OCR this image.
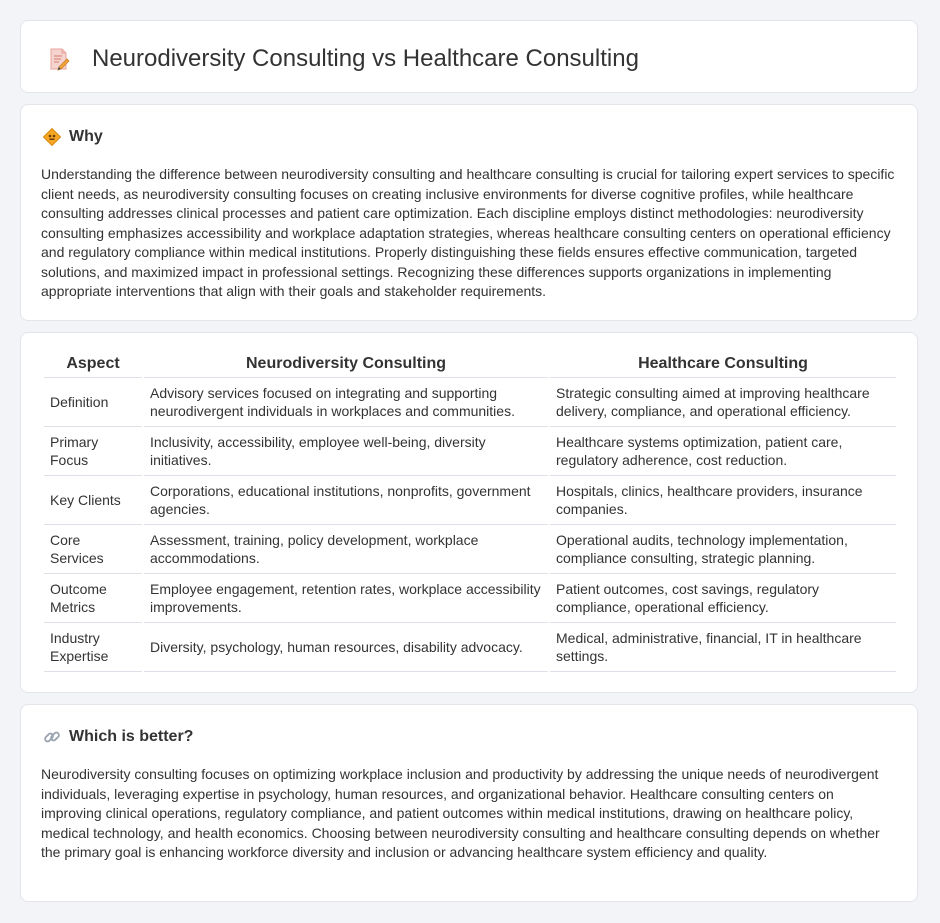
Neurodiversity Consulting vs Healthcare Consulting
Why

Understanding the difference between neurodiversity consulting and healthcare consulting is crucial for tailoring expert services to specific client needs, as neurodiversity consulting focuses on creating inclusive environments for diverse cognitive profiles, while healthcare consulting addresses clinical processes and patient care optimization. Each discipline employs distinct methodologies: neurodiversity consulting emphasizes accessibility and workplace adaptation strategies, whereas healthcare consulting centers on operational efficiency and regulatory compliance within medical institutions. Properly distinguishing these fields ensures effective communication, targeted solutions, and maximized impact in professional settings. Recognizing these differences supports organizations in implementing appropriate interventions that align with their goals and stakeholder requirements.

Aspect	Neurodiversity Consulting	Healthcare Consulting
Definition	Advisory services focused on integrating and supporting neurodivergent individuals in workplaces and communities.	Strategic consulting aimed at improving healthcare delivery, compliance, and operational efficiency.
Primary Focus	Inclusivity, accessibility, employee well-being, diversity initiatives.	Healthcare systems optimization, patient care, regulatory adherence, cost reduction.
Key Clients	Corporations, educational institutions, nonprofits, government agencies.	Hospitals, clinics, healthcare providers, insurance companies.
Core Services	Assessment, training, policy development, workplace accommodations.	Operational audits, technology implementation, compliance consulting, strategic planning.
Outcome Metrics	Employee engagement, retention rates, workplace accessibility improvements.	Patient outcomes, cost savings, regulatory compliance, operational efficiency.
Industry Expertise	Diversity, psychology, human resources, disability advocacy.	Medical, administrative, financial, IT in healthcare settings.
Which is better?

Neurodiversity consulting focuses on optimizing workplace inclusion and productivity by addressing the unique needs of neurodivergent individuals, leveraging expertise in psychology, human resources, and organizational behavior. Healthcare consulting centers on improving clinical operations, regulatory compliance, and patient outcomes within medical institutions, drawing on healthcare policy, medical technology, and health economics. Choosing between neurodiversity consulting and healthcare consulting depends on whether the primary goal is enhancing workforce diversity and inclusion or advancing healthcare system efficiency and quality.
